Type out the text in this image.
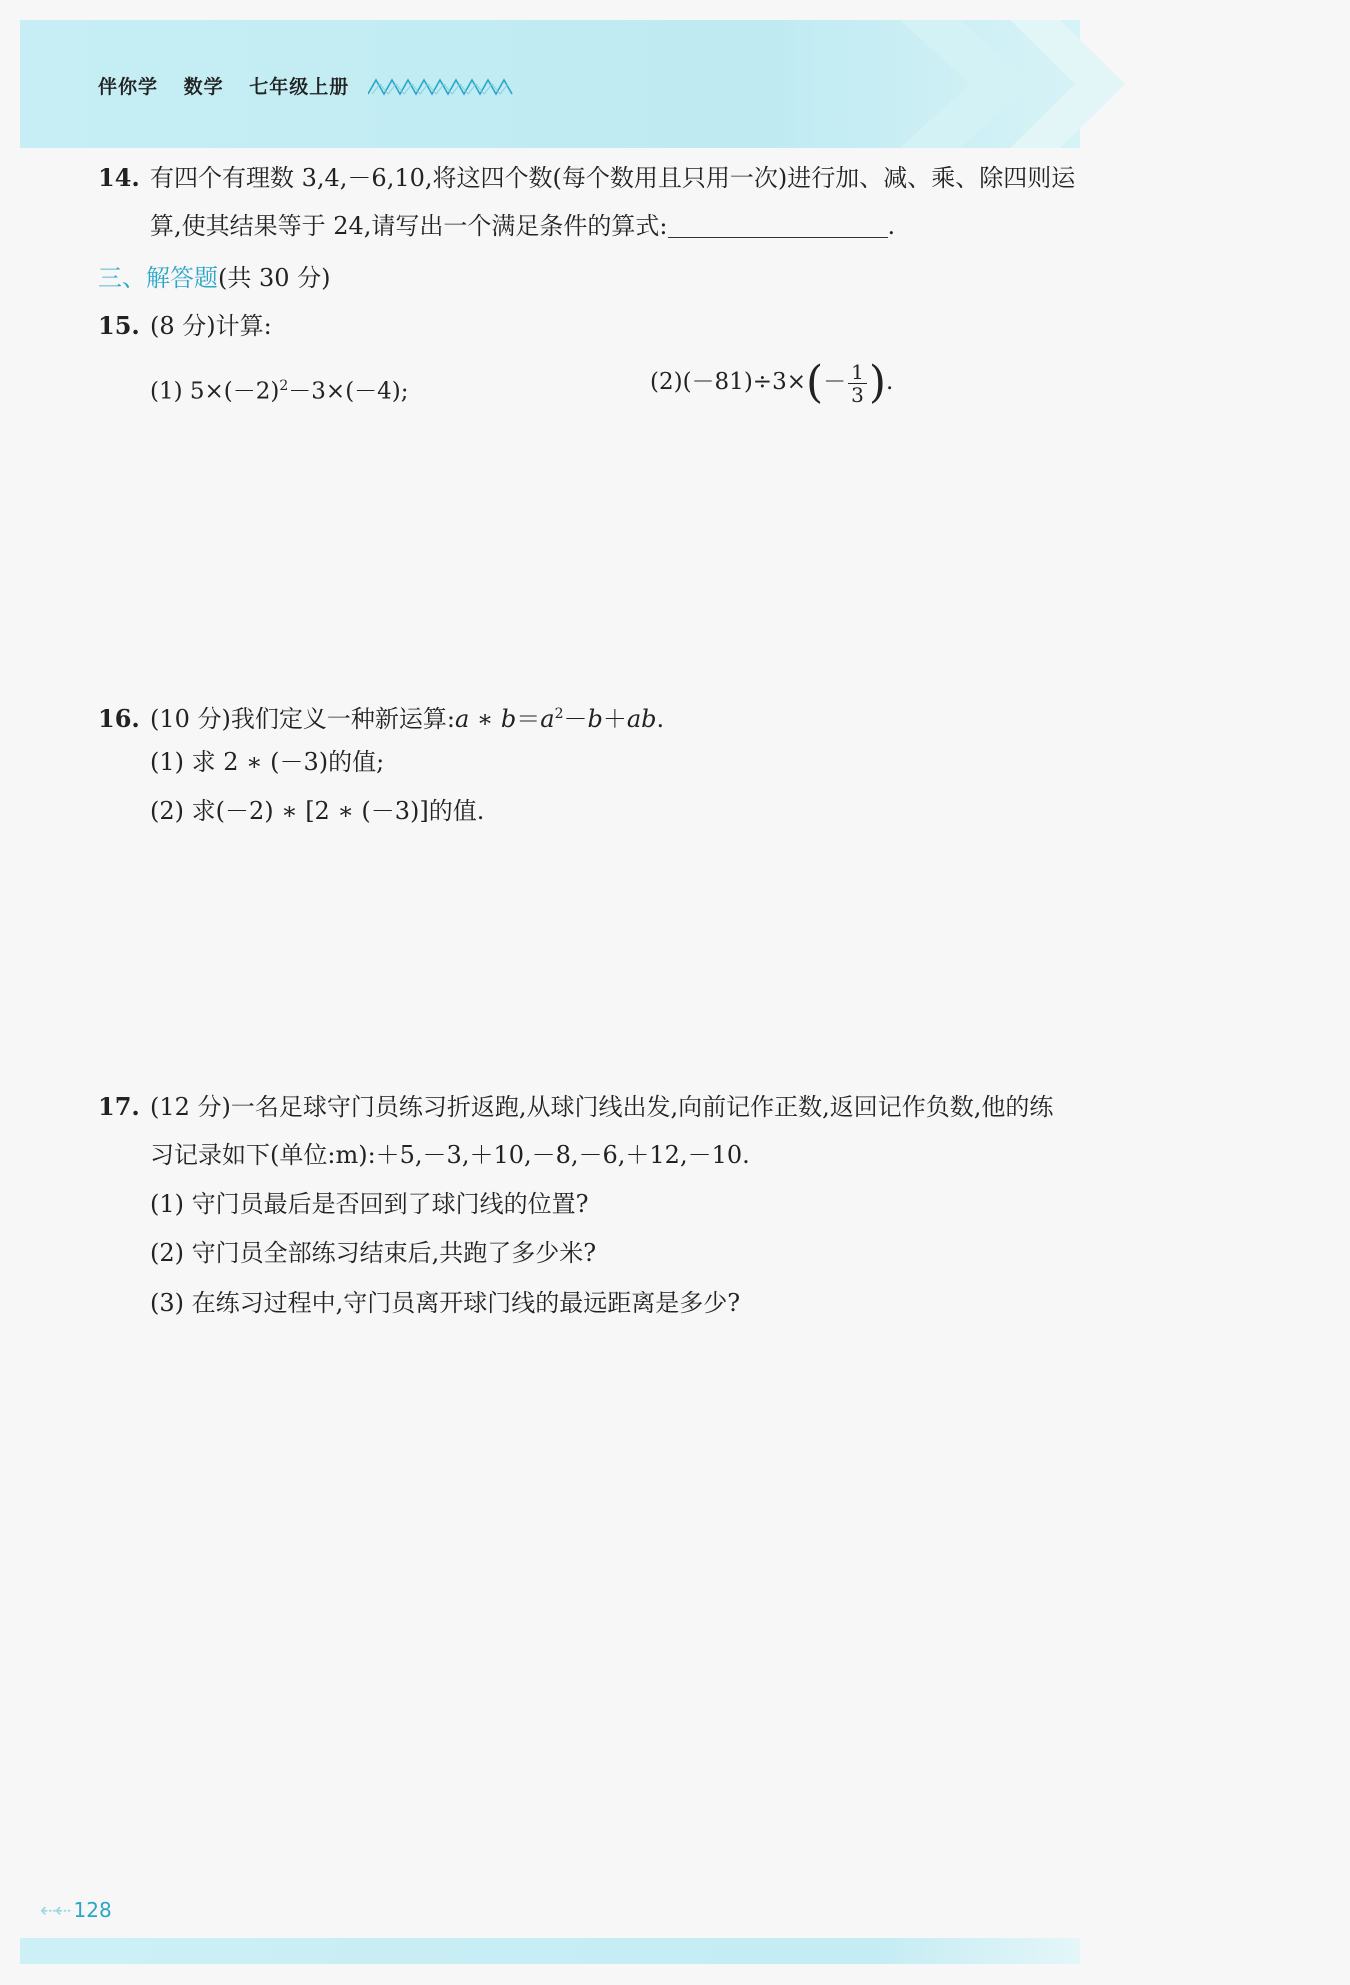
伴你学 数学 七年级上册
14. 有四个有理数 3,4,－6,10,将这四个数(每个数用且只用一次)进行加、减、乘、除四则运
算,使其结果等于 24,请写出一个满足条件的算式:	.
三、解答题(共 30 分)
15. (8 分)计算:
(1) $5\times(-2)^2-3\times(-4)$;	$(2)(-81)\div 3\times(- \frac{1}{3}$ ).
16. (10 分)我们定义一种新运算:a ∗ $b=a^2-b+ab$.
(1) 求 2 ∗ (－3)的值;
(2) 求(－2) ∗ [2 ∗ (－3)]的值.
17. (12 分)一名足球守门员练习折返跑,从球门线出发,向前记作正数,返回记作负数,他的练
习记录如下(单位:m):＋5,－3,＋10,－8,－6,＋12,－10.
(1) 守门员最后是否回到了球门线的位置?
(2) 守门员全部练习结束后,共跑了多少米?
(3) 在练习过程中,守门员离开球门线的最远距离是多少?
⇠⇠ 128
